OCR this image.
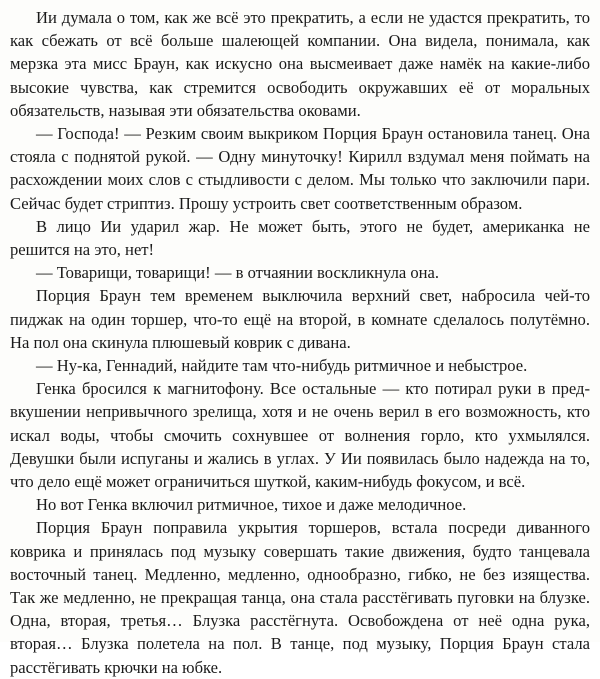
Ии думала о том, как же всё это прекратить, а если не удастся прекратить, то как сбежать от всё больше шалеющей компании. Она видела, понимала, как мерзка эта мисс Браун, как искусно она высмеивает даже намёк на какие-либо высокие чувства, как стремится освободить окружавших её от моральных обязательств, называя эти обязательства оковами.

— Господа! — Резким своим выкриком Порция Браун остановила танец. Она стояла с поднятой рукой. — Одну минуточку! Кирилл вздумал меня поймать на расхождении моих слов с стыдливости с делом. Мы только что заключили пари. Сейчас будет стриптиз. Прошу устроить свет соответственным образом.

В лицо Ии ударил жар. Не может быть, этого не будет, американка не решится на это, нет!

— Товарищи, товарищи! — в отчаянии воскликнула она.

Порция Браун тем временем выключила верхний свет, набросила чей-то пиджак на один торшер, что-то ещё на второй, в комнате сделалось полутёмно. На пол она скинула плюшевый коврик с дивана.

— Ну-ка, Геннадий, найдите там что-нибудь ритмичное и небыстрое.

Генка бросился к магнитофону. Все остальные — кто потирал руки в предвкушении непривычного зрелища, хотя и не очень верил в его возможность, кто искал воды, чтобы смочить сохнувшее от волнения горло, кто ухмылялся. Девушки были испуганы и жались в углах. У Ии появилась было надежда на то, что дело ещё может ограничиться шуткой, каким-нибудь фокусом, и всё.

Но вот Генка включил ритмичное, тихое и даже мелодичное.

Порция Браун поправила укрытия торшеров, встала посреди диванного коврика и принялась под музыку совершать такие движения, будто танцевала восточный танец. Медленно, медленно, однообразно, гибко, не без изящества. Так же медленно, не прекращая танца, она стала расстёгивать пуговки на блузке. Одна, вторая, третья… Блузка расстёгнута. Освобождена от неё одна рука, вторая… Блузка полетела на пол. В танце, под музыку, Порция Браун стала расстёгивать крючки на юбке.
